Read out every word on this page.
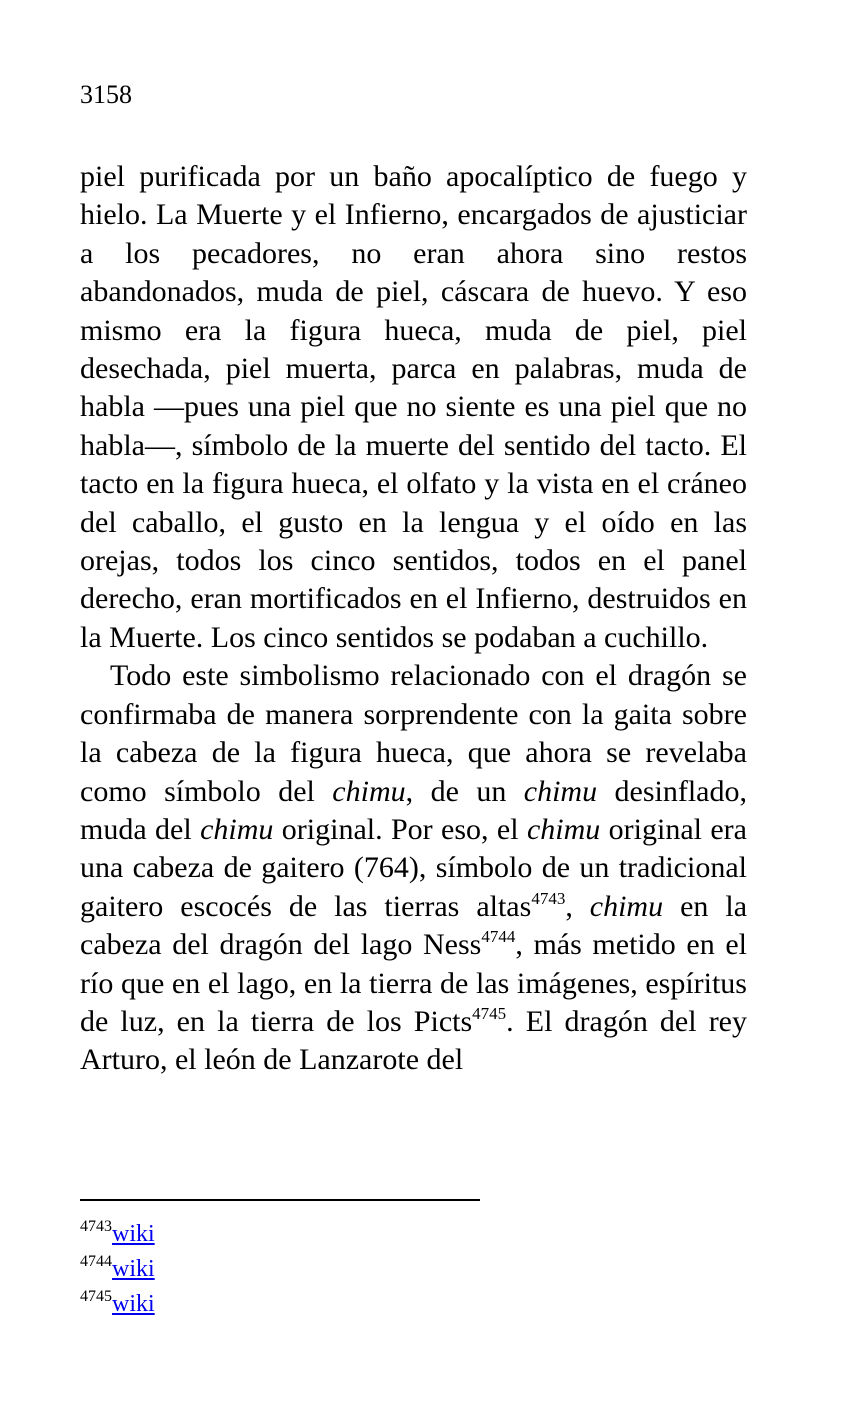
3158

piel purificada por un baño apocalíptico de fuego y hielo. La Muerte y el Infierno, encargados de ajusticiar a los pecadores, no eran ahora sino restos abandonados, muda de piel, cáscara de huevo. Y eso mismo era la figura hueca, muda de piel, piel desechada, piel muerta, parca en palabras, muda de habla —pues una piel que no siente es una piel que no habla—, símbolo de la muerte del sentido del tacto. El tacto en la figura hueca, el olfato y la vista en el cráneo del caballo, el gusto en la lengua y el oído en las orejas, todos los cinco sentidos, todos en el panel derecho, eran mortificados en el Infierno, destruidos en la Muerte. Los cinco sentidos se podaban a cuchillo.

Todo este simbolismo relacionado con el dragón se confirmaba de manera sorprendente con la gaita sobre la cabeza de la figura hueca, que ahora se revelaba como símbolo del chimu, de un chimu desinflado, muda del chimu original. Por eso, el chimu original era una cabeza de gaitero (764), símbolo de un tradicional gaitero escocés de las tierras altas$^{4743}$, chimu en la cabeza del dragón del lago Ness$^{4744}$, más metido en el río que en el lago, en la tierra de las imágenes, espíritus de luz, en la tierra de los Picts$^{4745}$. El dragón del rey Arturo, el león de Lanzarote del

$^{4743}$wiki
$^{4744}$wiki
$^{4745}$wiki
